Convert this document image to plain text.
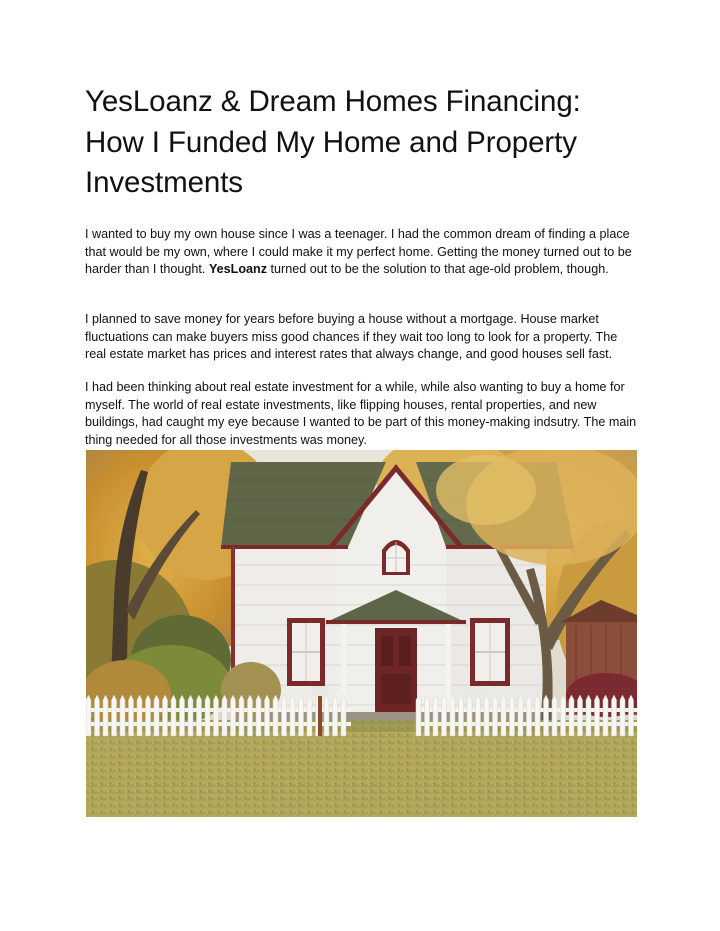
YesLoanz & Dream Homes Financing: How I Funded My Home and Property Investments

I wanted to buy my own house since I was a teenager. I had the common dream of finding a place that would be my own, where I could make it my perfect home. Getting the money turned out to be harder than I thought. YesLoanz turned out to be the solution to that age-old problem, though.

I planned to save money for years before buying a house without a mortgage. House market fluctuations can make buyers miss good chances if they wait too long to look for a property. The real estate market has prices and interest rates that always change, and good houses sell fast.

I had been thinking about real estate investment for a while, while also wanting to buy a home for myself. The world of real estate investments, like flipping houses, rental properties, and new buildings, had caught my eye because I wanted to be part of this money-making indsutry. The main thing needed for all those investments was money.
